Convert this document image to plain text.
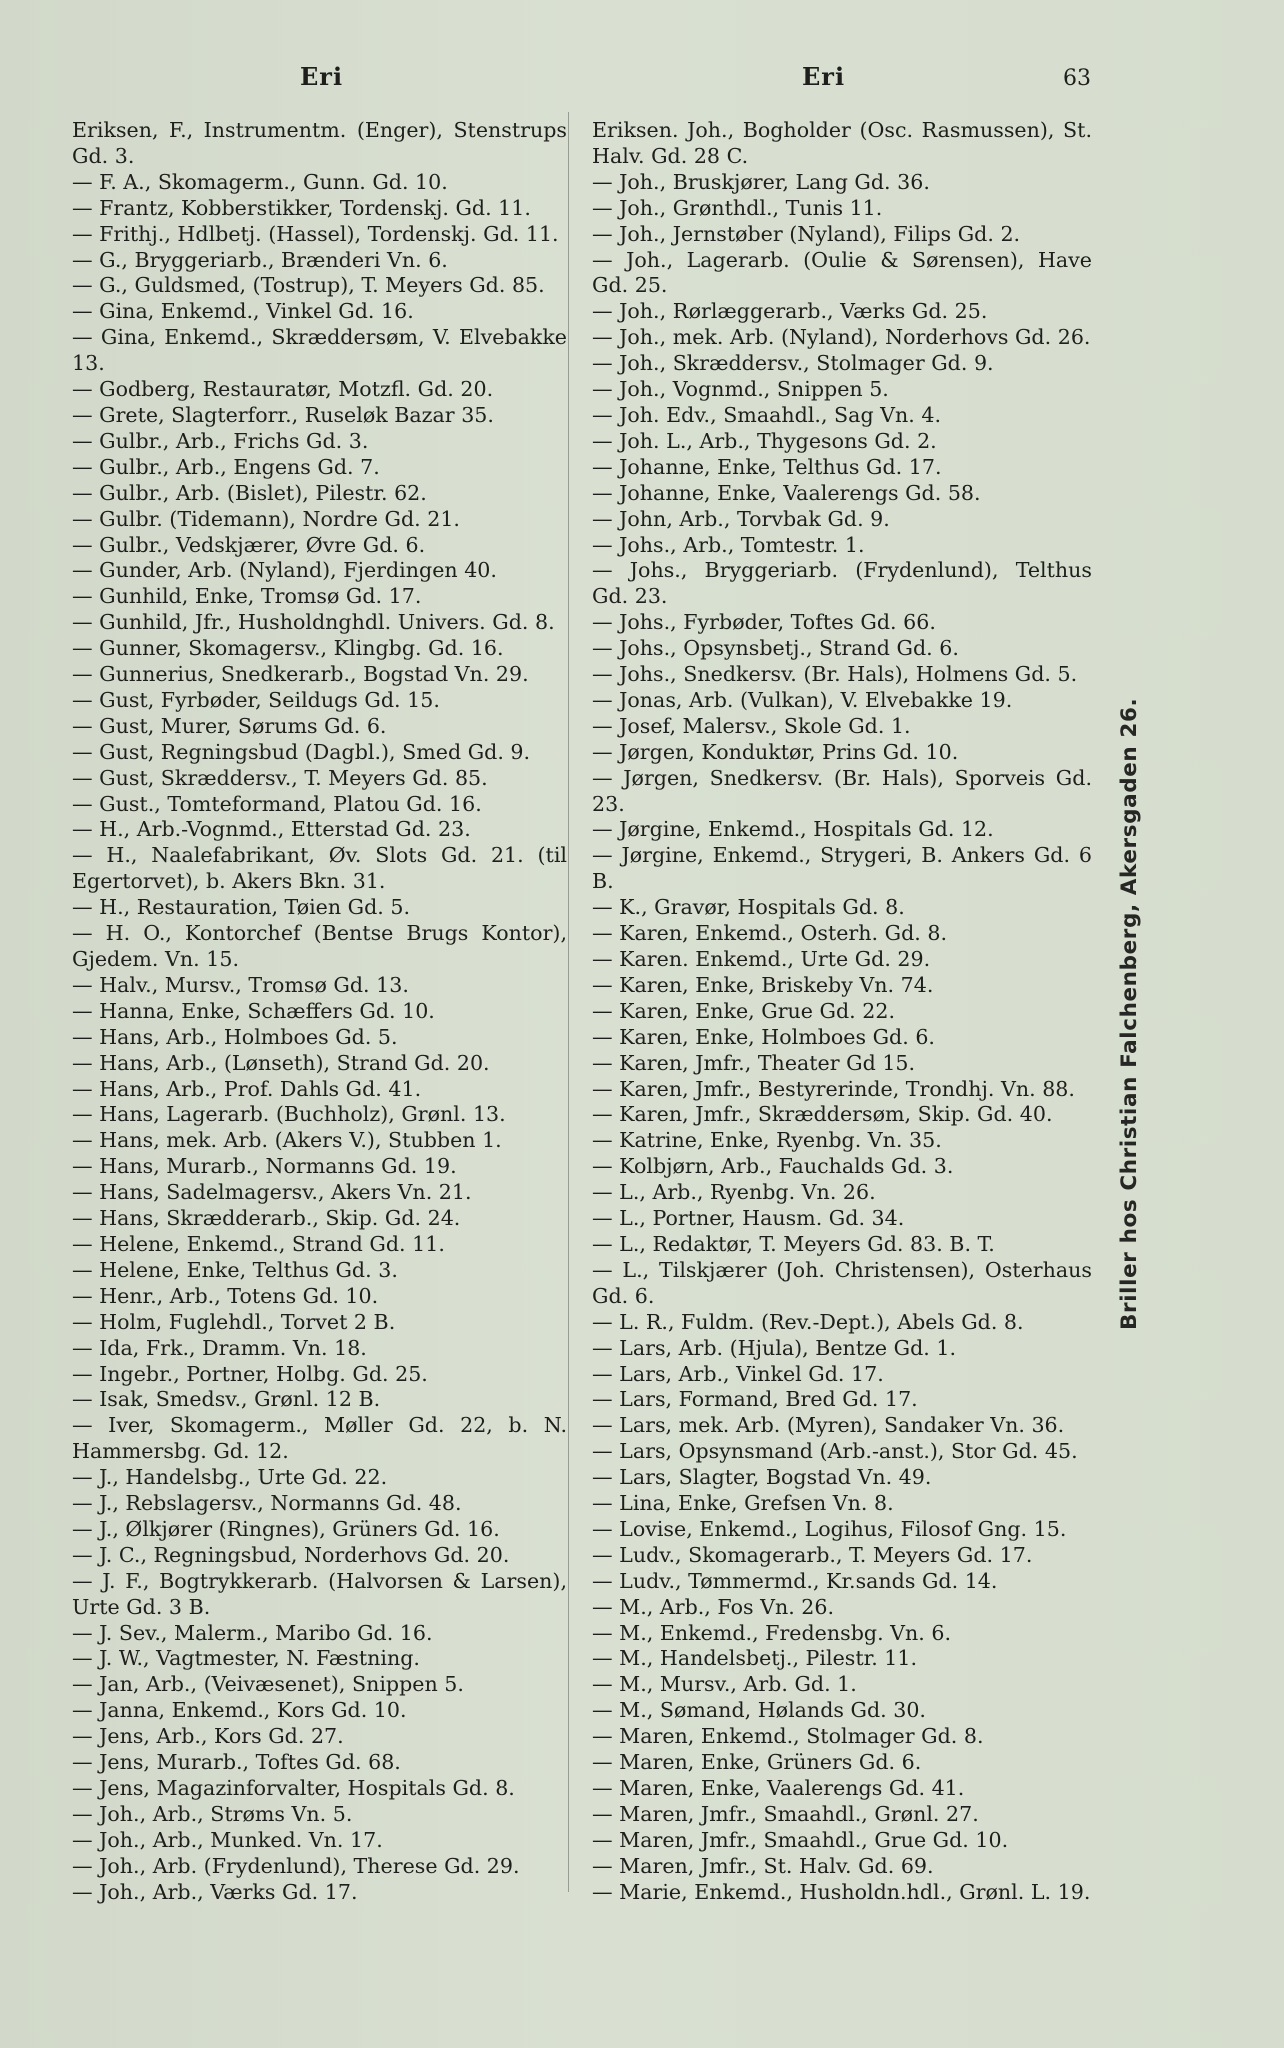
Eri	Eri	63

Eriksen, F., Instrumentm. (Enger), Stenstrups Gd. 3.

— F. A., Skomagerm., Gunn. Gd. 10.

— Frantz, Kobberstikker, Tordenskj. Gd. 11.

— Frithj., Hdlbetj. (Hassel), Tordenskj. Gd. 11.

— G., Bryggeriarb., Brænderi Vn. 6.

— G., Guldsmed, (Tostrup), T. Meyers Gd. 85.

— Gina, Enkemd., Vinkel Gd. 16.

— Gina, Enkemd., Skræddersøm, V. Elvebakke 13.

— Godberg, Restauratør, Motzfl. Gd. 20.

— Grete, Slagterforr., Ruseløk Bazar 35.

— Gulbr., Arb., Frichs Gd. 3.

— Gulbr., Arb., Engens Gd. 7.

— Gulbr., Arb. (Bislet), Pilestr. 62.

— Gulbr. (Tidemann), Nordre Gd. 21.

— Gulbr., Vedskjærer, Øvre Gd. 6.

— Gunder, Arb. (Nyland), Fjerdingen 40.

— Gunhild, Enke, Tromsø Gd. 17.

— Gunhild, Jfr., Husholdnghdl. Univers. Gd. 8.

— Gunner, Skomagersv., Klingbg. Gd. 16.

— Gunnerius, Snedkerarb., Bogstad Vn. 29.

— Gust, Fyrbøder, Seildugs Gd. 15.

— Gust, Murer, Sørums Gd. 6.

— Gust, Regningsbud (Dagbl.), Smed Gd. 9.

— Gust, Skræddersv., T. Meyers Gd. 85.

— Gust., Tomteformand, Platou Gd. 16.

— H., Arb.-Vognmd., Etterstad Gd. 23.

— H., Naalefabrikant, Øv. Slots Gd. 21. (til Egertorvet), b. Akers Bkn. 31.

— H., Restauration, Tøien Gd. 5.

— H. O., Kontorchef (Bentse Brugs Kontor), Gjedem. Vn. 15.

— Halv., Mursv., Tromsø Gd. 13.

— Hanna, Enke, Schæffers Gd. 10.

— Hans, Arb., Holmboes Gd. 5.

— Hans, Arb., (Lønseth), Strand Gd. 20.

— Hans, Arb., Prof. Dahls Gd. 41.

— Hans, Lagerarb. (Buchholz), Grønl. 13.

— Hans, mek. Arb. (Akers V.), Stubben 1.

— Hans, Murarb., Normanns Gd. 19.

— Hans, Sadelmagersv., Akers Vn. 21.

— Hans, Skrædderarb., Skip. Gd. 24.

— Helene, Enkemd., Strand Gd. 11.

— Helene, Enke, Telthus Gd. 3.

— Henr., Arb., Totens Gd. 10.

— Holm, Fuglehdl., Torvet 2 B.

— Ida, Frk., Dramm. Vn. 18.

— Ingebr., Portner, Holbg. Gd. 25.

— Isak, Smedsv., Grønl. 12 B.

— Iver, Skomagerm., Møller Gd. 22, b. N. Hammersbg. Gd. 12.

— J., Handelsbg., Urte Gd. 22.

— J., Rebslagersv., Normanns Gd. 48.

— J., Ølkjører (Ringnes), Grüners Gd. 16.

— J. C., Regningsbud, Norderhovs Gd. 20.

— J. F., Bogtrykkerarb. (Halvorsen & Larsen), Urte Gd. 3 B.

— J. Sev., Malerm., Maribo Gd. 16.

— J. W., Vagtmester, N. Fæstning.

— Jan, Arb., (Veivæsenet), Snippen 5.

— Janna, Enkemd., Kors Gd. 10.

— Jens, Arb., Kors Gd. 27.

— Jens, Murarb., Toftes Gd. 68.

— Jens, Magazinforvalter, Hospitals Gd. 8.

— Joh., Arb., Strøms Vn. 5.

— Joh., Arb., Munked. Vn. 17.

— Joh., Arb. (Frydenlund), Therese Gd. 29.

— Joh., Arb., Værks Gd. 17.

Eriksen. Joh., Bogholder (Osc. Rasmussen), St. Halv. Gd. 28 C.

— Joh., Bruskjører, Lang Gd. 36.

— Joh., Grønthdl., Tunis 11.

— Joh., Jernstøber (Nyland), Filips Gd. 2.

— Joh., Lagerarb. (Oulie & Sørensen), Have Gd. 25.

— Joh., Rørlæggerarb., Værks Gd. 25.

— Joh., mek. Arb. (Nyland), Norderhovs Gd. 26.

— Joh., Skræddersv., Stolmager Gd. 9.

— Joh., Vognmd., Snippen 5.

— Joh. Edv., Smaahdl., Sag Vn. 4.

— Joh. L., Arb., Thygesons Gd. 2.

— Johanne, Enke, Telthus Gd. 17.

— Johanne, Enke, Vaalerengs Gd. 58.

— John, Arb., Torvbak Gd. 9.

— Johs., Arb., Tomtestr. 1.

— Johs., Bryggeriarb. (Frydenlund), Telthus Gd. 23.

— Johs., Fyrbøder, Toftes Gd. 66.

— Johs., Opsynsbetj., Strand Gd. 6.

— Johs., Snedkersv. (Br. Hals), Holmens Gd. 5.

— Jonas, Arb. (Vulkan), V. Elvebakke 19.

— Josef, Malersv., Skole Gd. 1.

— Jørgen, Konduktør, Prins Gd. 10.

— Jørgen, Snedkersv. (Br. Hals), Sporveis Gd. 23.

— Jørgine, Enkemd., Hospitals Gd. 12.

— Jørgine, Enkemd., Strygeri, B. Ankers Gd. 6 B.

— K., Gravør, Hospitals Gd. 8.

— Karen, Enkemd., Osterh. Gd. 8.

— Karen. Enkemd., Urte Gd. 29.

— Karen, Enke, Briskeby Vn. 74.

— Karen, Enke, Grue Gd. 22.

— Karen, Enke, Holmboes Gd. 6.

— Karen, Jmfr., Theater Gd 15.

— Karen, Jmfr., Bestyrerinde, Trondhj. Vn. 88.

— Karen, Jmfr., Skræddersøm, Skip. Gd. 40.

— Katrine, Enke, Ryenbg. Vn. 35.

— Kolbjørn, Arb., Fauchalds Gd. 3.

— L., Arb., Ryenbg. Vn. 26.

— L., Portner, Hausm. Gd. 34.

— L., Redaktør, T. Meyers Gd. 83. B. T.

— L., Tilskjærer (Joh. Christensen), Osterhaus Gd. 6.

— L. R., Fuldm. (Rev.-Dept.), Abels Gd. 8.

— Lars, Arb. (Hjula), Bentze Gd. 1.

— Lars, Arb., Vinkel Gd. 17.

— Lars, Formand, Bred Gd. 17.

— Lars, mek. Arb. (Myren), Sandaker Vn. 36.

— Lars, Opsynsmand (Arb.-anst.), Stor Gd. 45.

— Lars, Slagter, Bogstad Vn. 49.

— Lina, Enke, Grefsen Vn. 8.

— Lovise, Enkemd., Logihus, Filosof Gng. 15.

— Ludv., Skomagerarb., T. Meyers Gd. 17.

— Ludv., Tømmermd., Kr.sands Gd. 14.

— M., Arb., Fos Vn. 26.

— M., Enkemd., Fredensbg. Vn. 6.

— M., Handelsbetj., Pilestr. 11.

— M., Mursv., Arb. Gd. 1.

— M., Sømand, Hølands Gd. 30.

— Maren, Enkemd., Stolmager Gd. 8.

— Maren, Enke, Grüners Gd. 6.

— Maren, Enke, Vaalerengs Gd. 41.

— Maren, Jmfr., Smaahdl., Grønl. 27.

— Maren, Jmfr., Smaahdl., Grue Gd. 10.

— Maren, Jmfr., St. Halv. Gd. 69.

— Marie, Enkemd., Husholdn.hdl., Grønl. L. 19.

Briller hos Christian Falchenberg, Akersgaden 26.
